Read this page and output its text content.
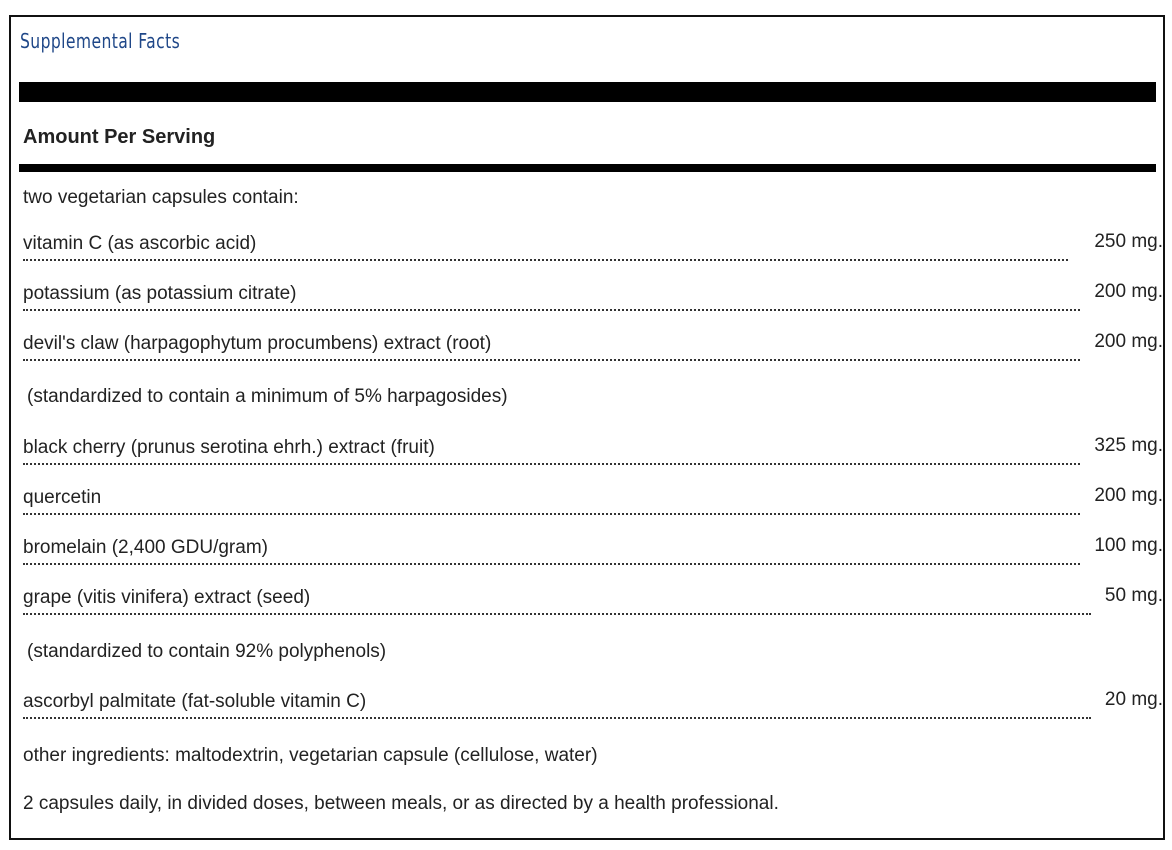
Supplemental Facts
Amount Per Serving
two vegetarian capsules contain:
vitamin C (as ascorbic acid)	250 mg.
potassium (as potassium citrate)	200 mg.
devil's claw (harpagophytum procumbens) extract (root)	200 mg.
(standardized to contain a minimum of 5% harpagosides)
black cherry (prunus serotina ehrh.) extract (fruit)	325 mg.
quercetin	200 mg.
bromelain (2,400 GDU/gram)	100 mg.
grape (vitis vinifera) extract (seed)	50 mg.
(standardized to contain 92% polyphenols)
ascorbyl palmitate (fat-soluble vitamin C)	20 mg.
other ingredients: maltodextrin, vegetarian capsule (cellulose, water)
2 capsules daily, in divided doses, between meals, or as directed by a health professional.
